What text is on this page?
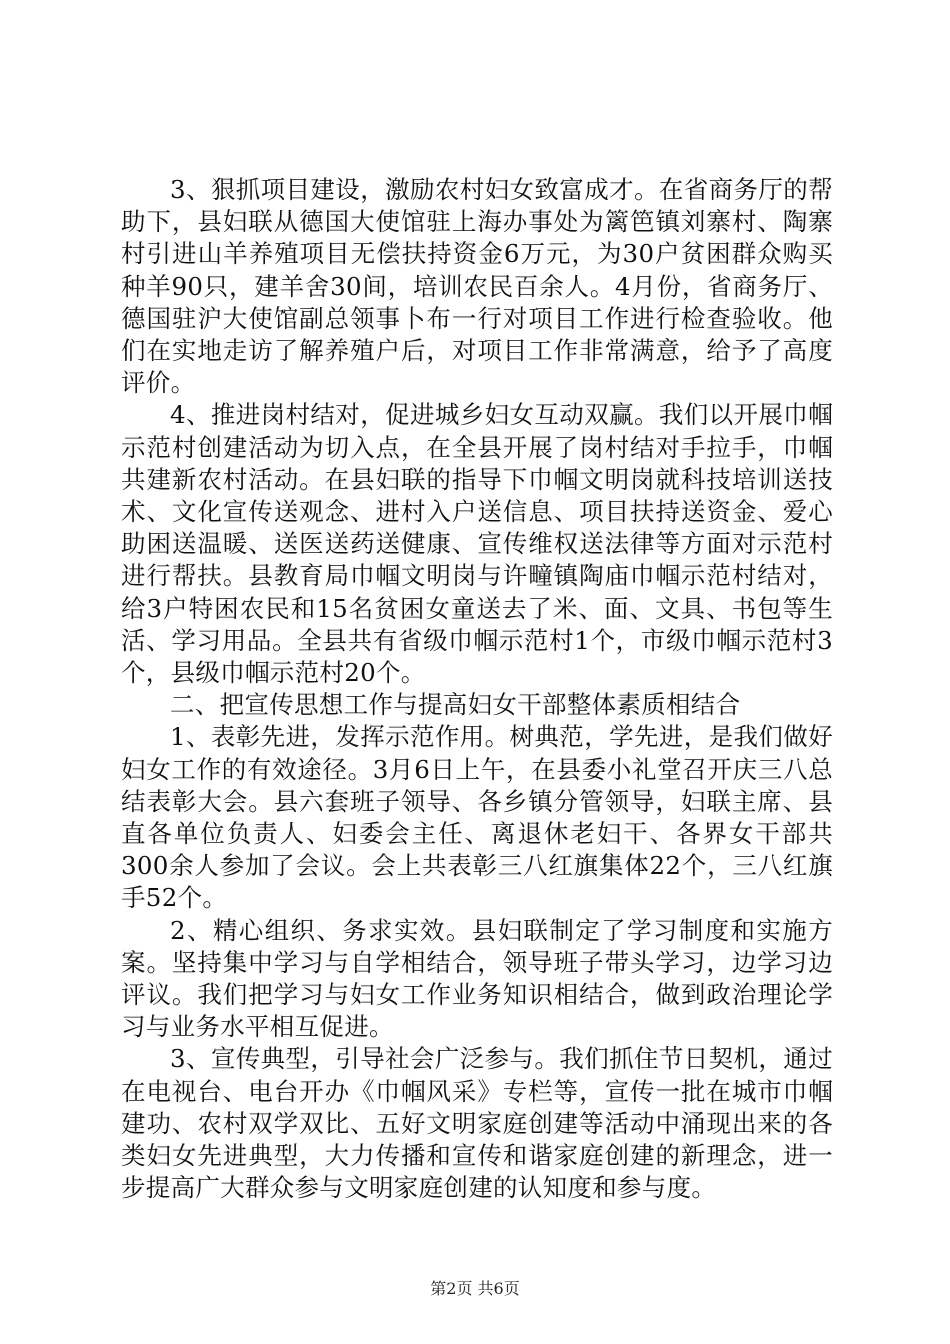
3、狠抓项目建设，激励农村妇女致富成才。在省商务厅的帮助下，县妇联从德国大使馆驻上海办事处为篱笆镇刘寨村、陶寨村引进山羊养殖项目无偿扶持资金6万元，为30户贫困群众购买种羊90只，建羊舍30间，培训农民百余人。4月份，省商务厅、德国驻沪大使馆副总领事卜布一行对项目工作进行检查验收。他们在实地走访了解养殖户后，对项目工作非常满意，给予了高度评价。

4、推进岗村结对，促进城乡妇女互动双赢。我们以开展巾帼示范村创建活动为切入点，在全县开展了岗村结对手拉手，巾帼共建新农村活动。在县妇联的指导下巾帼文明岗就科技培训送技术、文化宣传送观念、进村入户送信息、项目扶持送资金、爱心助困送温暖、送医送药送健康、宣传维权送法律等方面对示范村进行帮扶。县教育局巾帼文明岗与许疃镇陶庙巾帼示范村结对，给3户特困农民和15名贫困女童送去了米、面、文具、书包等生活、学习用品。全县共有省级巾帼示范村1个，市级巾帼示范村3个，县级巾帼示范村20个。

二、把宣传思想工作与提高妇女干部整体素质相结合

1、表彰先进，发挥示范作用。树典范，学先进，是我们做好妇女工作的有效途径。3月6日上午，在县委小礼堂召开庆三八总结表彰大会。县六套班子领导、各乡镇分管领导，妇联主席、县直各单位负责人、妇委会主任、离退休老妇干、各界女干部共300余人参加了会议。会上共表彰三八红旗集体22个，三八红旗手52个。

2、精心组织、务求实效。县妇联制定了学习制度和实施方案。坚持集中学习与自学相结合，领导班子带头学习，边学习边评议。我们把学习与妇女工作业务知识相结合，做到政治理论学习与业务水平相互促进。

3、宣传典型，引导社会广泛参与。我们抓住节日契机，通过在电视台、电台开办《巾帼风采》专栏等，宣传一批在城市巾帼建功、农村双学双比、五好文明家庭创建等活动中涌现出来的各类妇女先进典型，大力传播和宣传和谐家庭创建的新理念，进一步提高广大群众参与文明家庭创建的认知度和参与度。

第2页 共6页
